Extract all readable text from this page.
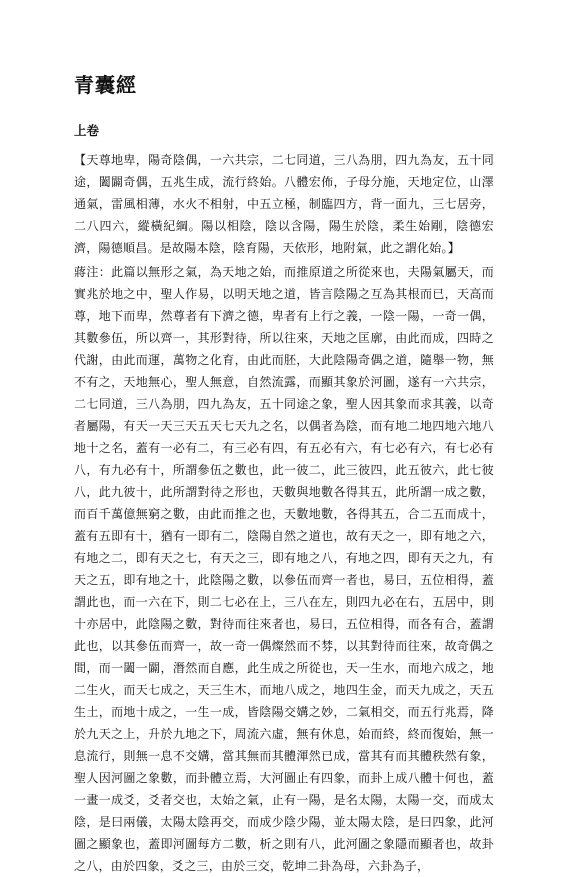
青囊經
上卷

【天尊地卑，陽奇陰偶，一六共宗，二七同道，三八為朋，四九為友，五十同途，闔闢奇偶，五兆生成，流行終始。八體宏佈，子母分施，天地定位，山澤通氣，雷風相薄，水火不相射，中五立極，制臨四方，背一面九，三七居旁，二八四六，縱橫紀綱。陽以相陰，陰以含陽，陽生於陰，柔生始剛，陰德宏濟，陽德順昌。是故陽本陰，陰育陽，天依形，地附氣，此之謂化始。】

蔣注：此篇以無形之氣，為天地之始，而推原道之所從來也，夫陽氣屬天，而實兆於地之中，聖人作易，以明天地之道，皆言陰陽之互為其根而已，天高而尊，地下而卑，然尊者有下濟之德，卑者有上行之義，一陰一陽，一奇一偶，其數參伍，所以齊一，其形對待，所以往來，天地之匡廓，由此而成，四時之代謝，由此而運，萬物之化育，由此而胚，大此陰陽奇偶之道，隨舉一物，無不有之，天地無心，聖人無意，自然流露，而顯其象於河圖，遂有一六共宗，二七同道，三八為朋，四九為友，五十同途之象，聖人因其象而求其義，以奇者屬陽，有天一天三天五天七天九之名，以偶者為陰，而有地二地四地六地八地十之名，蓋有一必有二，有三必有四，有五必有六，有七必有六，有七必有八，有九必有十，所謂參伍之數也，此一彼二，此三彼四，此五彼六，此七彼八，此九彼十，此所謂對待之形也，天數與地數各得其五，此所謂一成之數，而百千萬億無窮之數，由此而推之也，天數地數，各得其五，合二五而成十，蓋有五即有十，猶有一即有二，陰陽自然之道也，故有天之一，即有地之六，有地之二，即有天之七，有天之三，即有地之八，有地之四，即有天之九，有天之五，即有地之十，此陰陽之數，以參伍而齊一者也，易曰，五位相得，蓋謂此也，而一六在下，則二七必在上，三八在左，則四九必在右，五居中，則十亦居中，此陰陽之數，對待而往來者也，易曰，五位相得，而各有合，蓋謂此也，以其參伍而齊一，故一奇一偶燦然而不棼，以其對待而往來，故奇偶之間，而一闔一闢，潛然而自應，此生成之所從也，天一生水，而地六成之，地二生火，而天七成之，天三生木，而地八成之，地四生金，而天九成之，天五生土，而地十成之，一生一成，皆陰陽交媾之妙，二氣相交，而五行兆焉，降於九天之上，升於九地之下，周流六虛，無有休息，始而終，終而復始，無一息流行，則無一息不交媾，當其無而其體渾然已成，當其有而其體秩然有象，聖人因河圖之象數，而卦體立焉，大河圖止有四象，而卦上成八體十何也，蓋一畫一成爻，爻者交也，太始之氣，止有一陽，是名太陽，太陽一交，而成太陰，是曰兩儀，太陽太陰再交，而成少陰少陽，並太陽太陰，是曰四象，此河圖之顯象也，蓋即河圖每方二數，析之則有八，此河圖之象隱而顯者也，故卦之八，由於四象，爻之三，由於三交，乾坤二卦為母，六卦為子，
